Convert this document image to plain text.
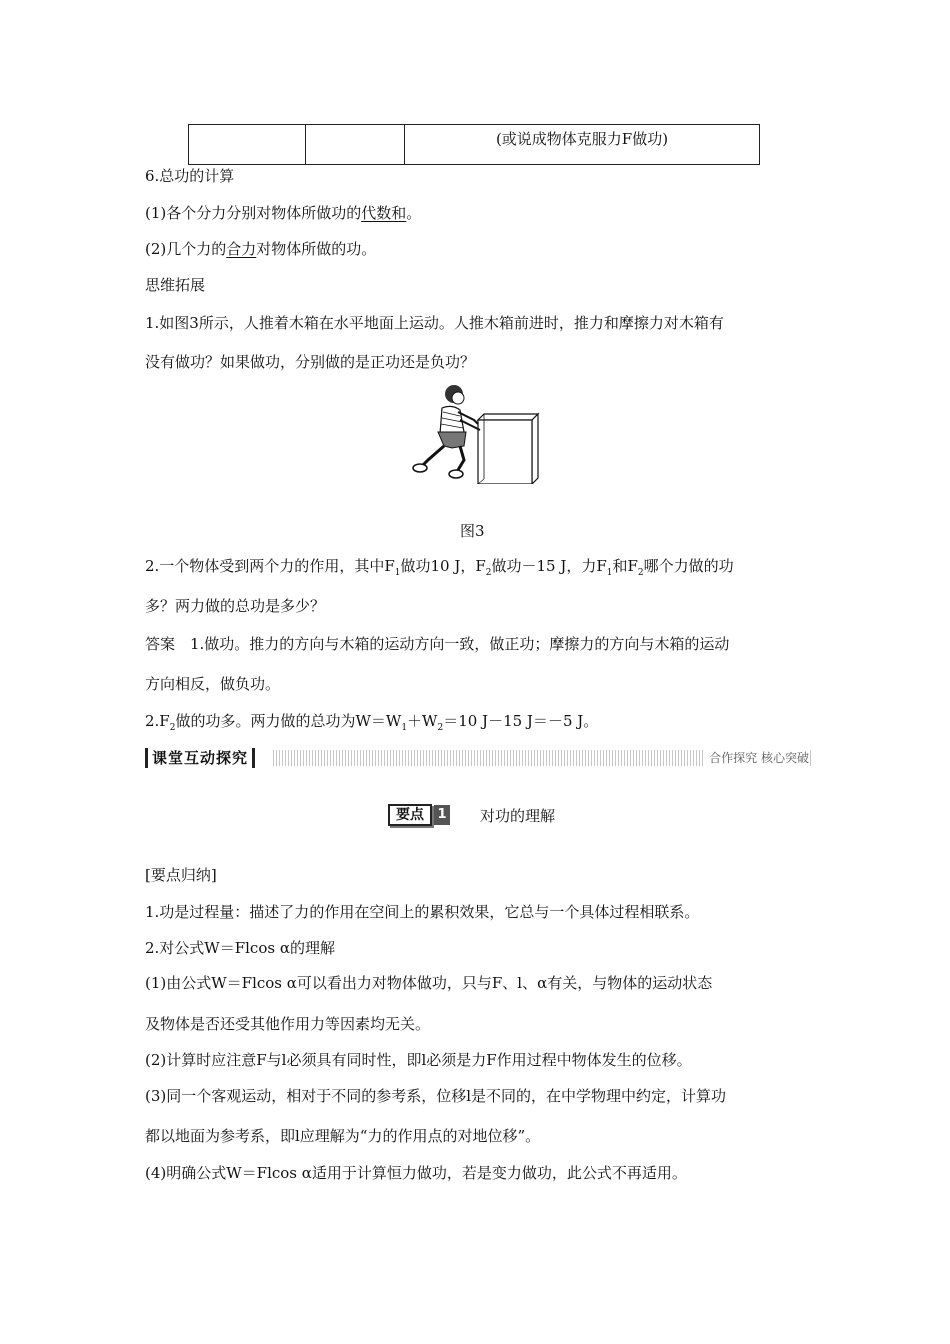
		(或说成物体克服力F做功)
6.总功的计算
(1)各个分力分别对物体所做功的代数和。
(2)几个力的合力对物体所做的功。
思维拓展
1.如图3所示，人推着木箱在水平地面上运动。人推木箱前进时，推力和摩擦力对木箱有
没有做功？如果做功，分别做的是正功还是负功？
图3
2.一个物体受到两个力的作用，其中$F_1$做功10 J，$F_2$做功－15 J，力$F_1$和$F_2$哪个力做的功
多？两力做的总功是多少？
答案　1.做功。推力的方向与木箱的运动方向一致，做正功；摩擦力的方向与木箱的运动
方向相反，做负功。
$2.F_2$做的功多。两力做的总功为$W=W_1+W_2=10$ J－15 J＝－5 J。
课堂互动探究	合作探究 核心突破
要点	1 对功的理解
[要点归纳]
1.功是过程量：描述了力的作用在空间上的累积效果，它总与一个具体过程相联系。
2.对公式W＝Flcos α的理解
(1)由公式W＝Flcos α可以看出力对物体做功，只与F、l、α有关，与物体的运动状态
及物体是否还受其他作用力等因素均无关。
(2)计算时应注意F与l必须具有同时性，即l必须是力F作用过程中物体发生的位移。
(3)同一个客观运动，相对于不同的参考系，位移l是不同的，在中学物理中约定，计算功
都以地面为参考系，即l应理解为“力的作用点的对地位移”。
(4)明确公式W＝Flcos α适用于计算恒力做功，若是变力做功，此公式不再适用。
